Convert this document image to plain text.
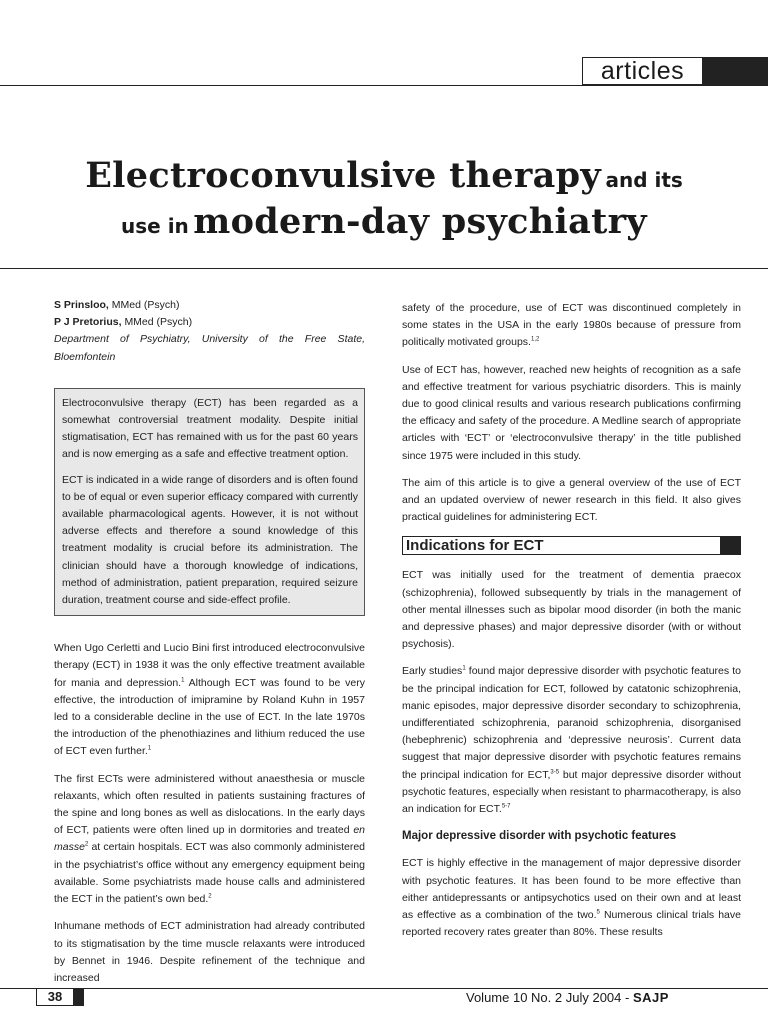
articles
Electroconvulsive therapy and its
use in modern-day psychiatry
S Prinsloo, MMed (Psych)
P J Pretorius, MMed (Psych)

Department of Psychiatry, University of the Free State, Bloemfontein

Electroconvulsive therapy (ECT) has been regarded as a somewhat controversial treatment modality. Despite initial stigmatisation, ECT has remained with us for the past 60 years and is now emerging as a safe and effective treatment option.

ECT is indicated in a wide range of disorders and is often found to be of equal or even superior efficacy compared with currently available pharmacological agents. However, it is not without adverse effects and therefore a sound knowledge of this treatment modality is crucial before its administration. The clinician should have a thorough knowledge of indications, method of administration, patient preparation, required seizure duration, treatment course and side-effect profile.

When Ugo Cerletti and Lucio Bini first introduced electroconvulsive therapy (ECT) in 1938 it was the only effective treatment available for mania and depression.$^1$ Although ECT was found to be very effective, the introduction of imipramine by Roland Kuhn in 1957 led to a considerable decline in the use of ECT. In the late 1970s the introduction of the phenothiazines and lithium reduced the use of ECT even further.$^1$

The first ECTs were administered without anaesthesia or muscle relaxants, which often resulted in patients sustaining fractures of the spine and long bones as well as dislocations. In the early days of ECT, patients were often lined up in dormitories and treated en masse$^2$ at certain hospitals. ECT was also commonly administered in the psychiatrist’s office without any emergency equipment being available. Some psychiatrists made house calls and administered the ECT in the patient’s own bed.$^2$

Inhumane methods of ECT administration had already contributed to its stigmatisation by the time muscle relaxants were introduced by Bennet in 1946. Despite refinement of the technique and increased

safety of the procedure, use of ECT was discontinued completely in some states in the USA in the early 1980s because of pressure from politically motivated groups.$^{1,2}$

Use of ECT has, however, reached new heights of recognition as a safe and effective treatment for various psychiatric disorders. This is mainly due to good clinical results and various research publications confirming the efficacy and safety of the procedure. A Medline search of appropriate articles with ‘ECT’ or ‘electroconvulsive therapy’ in the title published since 1975 were included in this study.

The aim of this article is to give a general overview of the use of ECT and an updated overview of newer research in this field. It also gives practical guidelines for administering ECT.

Indications for ECT

ECT was initially used for the treatment of dementia praecox (schizophrenia), followed subsequently by trials in the management of other mental illnesses such as bipolar mood disorder (in both the manic and depressive phases) and major depressive disorder (with or without psychosis).

Early studies$^1$ found major depressive disorder with psychotic features to be the principal indication for ECT, followed by catatonic schizophrenia, manic episodes, major depressive disorder secondary to schizophrenia, undifferentiated schizophrenia, paranoid schizophrenia, disorganised (hebephrenic) schizophrenia and ‘depressive neurosis’. Current data suggest that major depressive disorder with psychotic features remains the principal indication for ECT,$^{3-5}$ but major depressive disorder without psychotic features, especially when resistant to pharmacotherapy, is also an indication for ECT.$^{5-7}$

Major depressive disorder with psychotic features

ECT is highly effective in the management of major depressive disorder with psychotic features. It has been found to be more effective than either antidepressants or antipsychotics used on their own and at least as effective as a combination of the two.$^5$ Numerous clinical trials have reported recovery rates greater than 80%. These results

38	Volume 10 No. 2 July 2004 - SAJP
